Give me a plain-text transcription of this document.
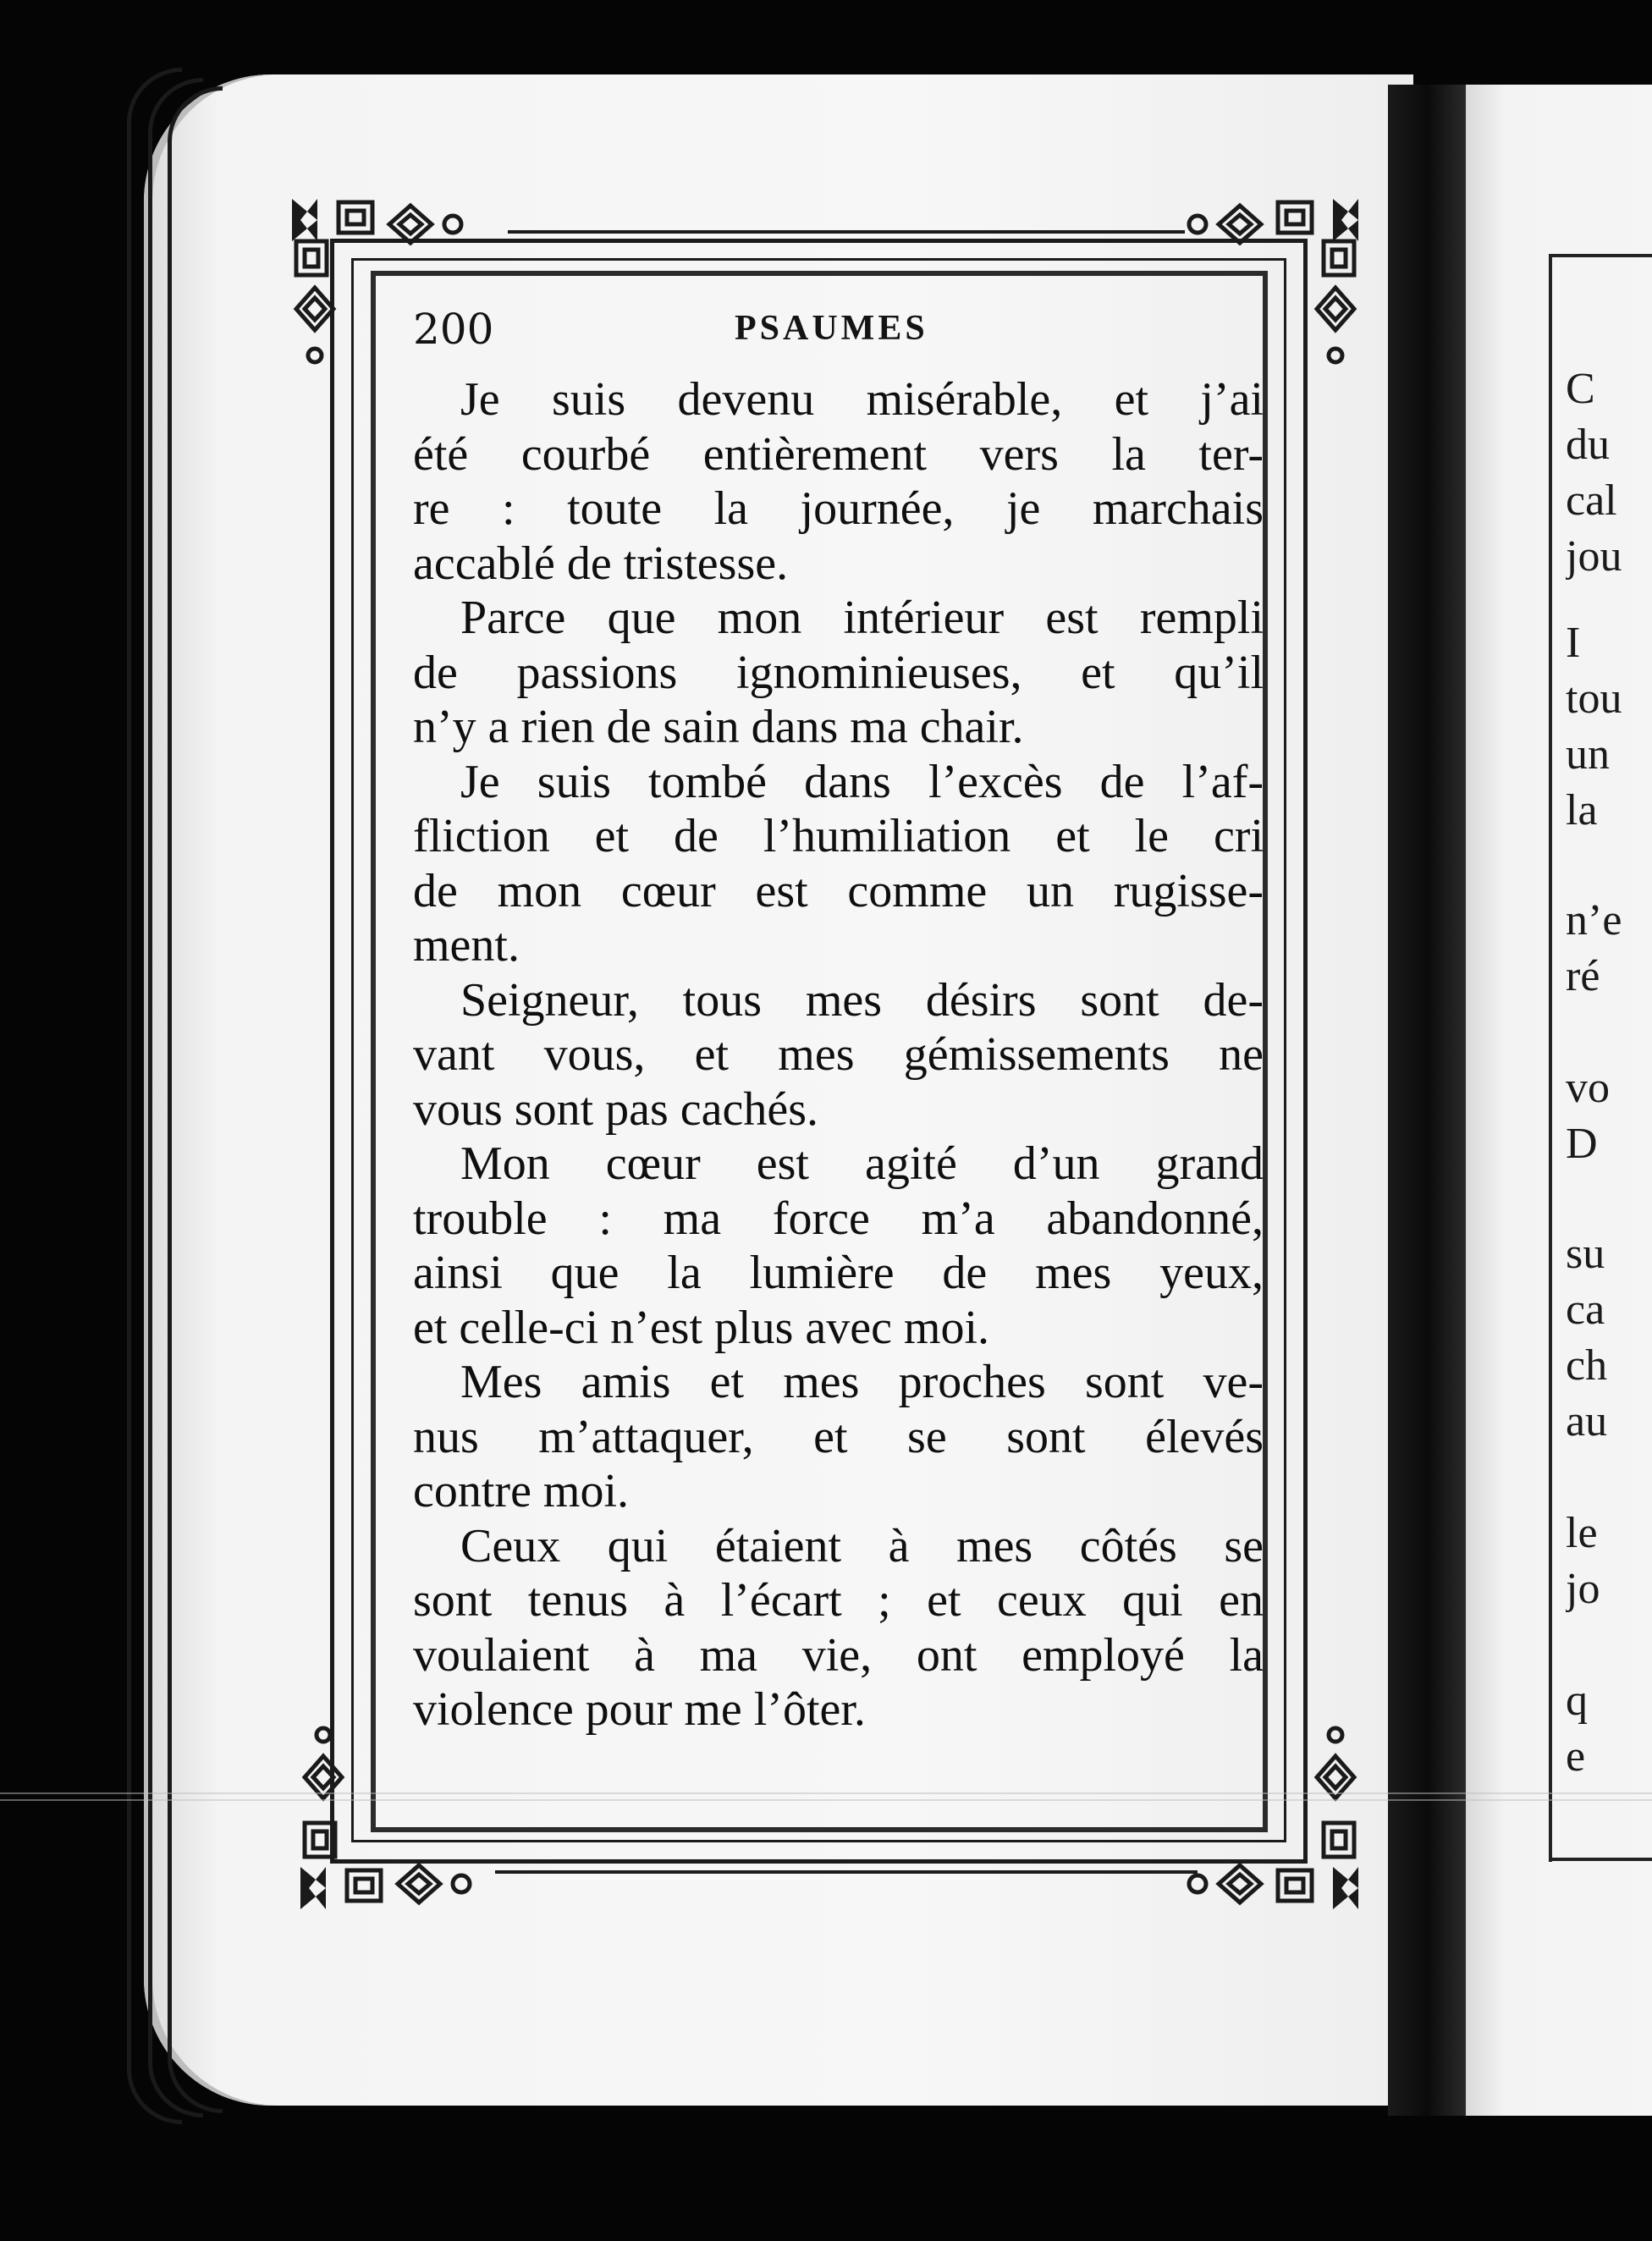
200	PSAUMES
Je suis devenu misérable, et j’ai
été courbé entièrement vers la ter-
re : toute la journée, je marchais
accablé de tristesse.
Parce que mon intérieur est rempli
de passions ignominieuses, et qu’il
n’y a rien de sain dans ma chair.
Je suis tombé dans l’excès de l’af-
fliction et de l’humiliation et le cri
de mon cœur est comme un rugisse-
ment.
Seigneur, tous mes désirs sont de-
vant vous, et mes gémissements ne
vous sont pas cachés.
Mon cœur est agité d’un grand
trouble : ma force m’a abandonné,
ainsi que la lumière de mes yeux,
et celle-ci n’est plus avec moi.
Mes amis et mes proches sont ve-
nus m’attaquer, et se sont élevés
contre moi.
Ceux qui étaient à mes côtés se
sont tenus à l’écart ; et ceux qui en
voulaient à ma vie, ont employé la
violence pour me l’ôter.
C
du
cal
jou
I
tou
un
la
n’e
ré
vo
D
su
ca
ch
au
le
jo
q
e
